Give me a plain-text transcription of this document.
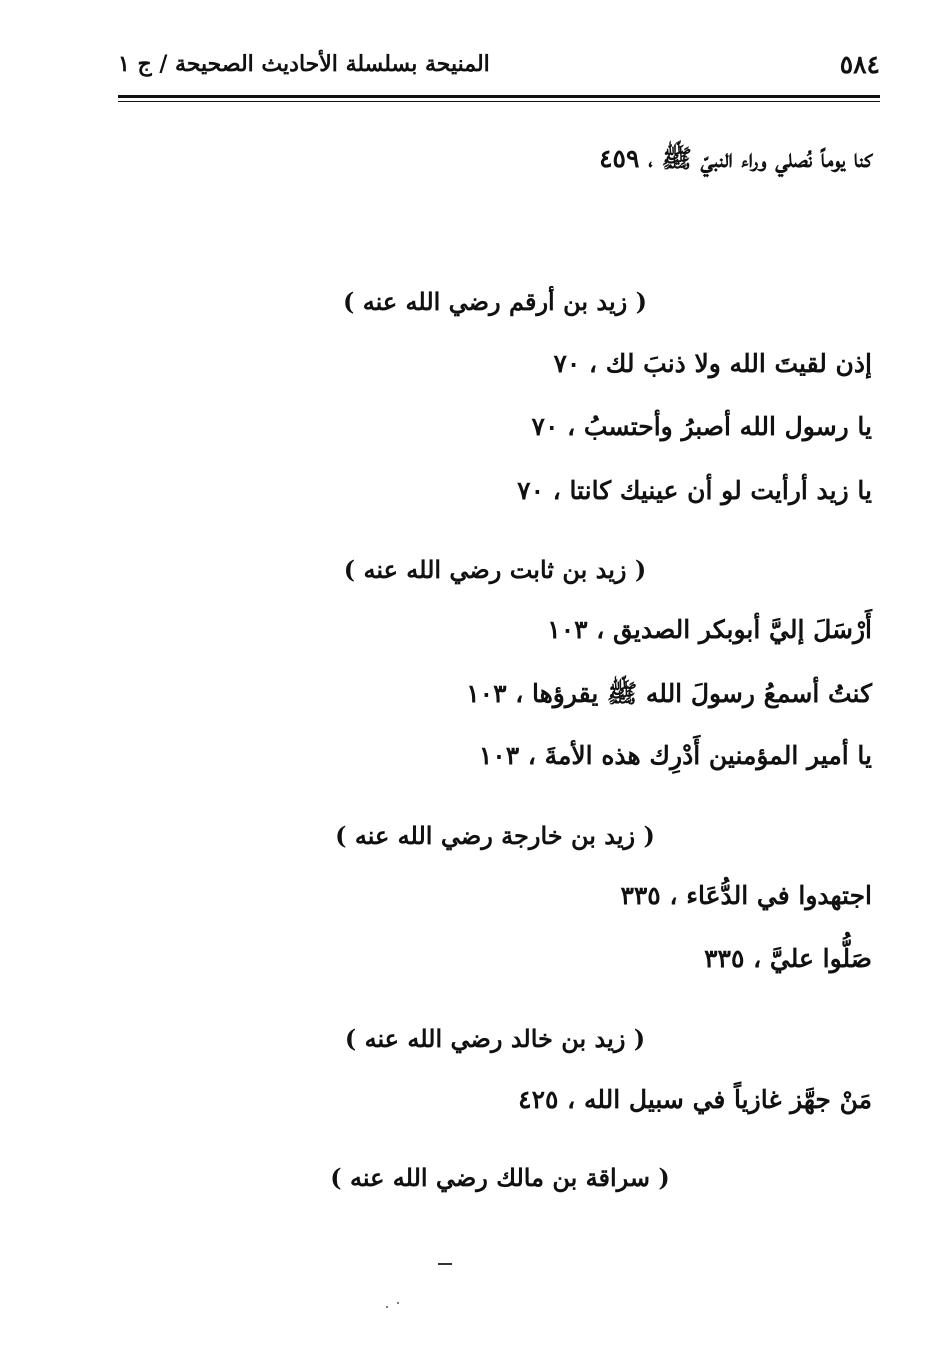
٥٨٤
المنيحة بسلسلة الأحاديث الصحيحة / ج ١
كنا يوماً نُصلي وراء النبيّ ﷺ ، ٤٥٩
( زيد بن أرقم رضي الله عنه )
إذن لقيتَ الله ولا ذنبَ لك ، ٧٠
يا رسول الله أصبرُ وأحتسبُ ، ٧٠
يا زيد أرأيت لو أن عينيك كانتا ، ٧٠
( زيد بن ثابت رضي الله عنه )
أَرْسَلَ إليَّ أبوبكر الصديق ، ١٠٣
كنتُ أسمعُ رسولَ الله ﷺ يقرؤها ، ١٠٣
يا أمير المؤمنين أَدْرِك هذه الأمةَ ، ١٠٣
( زيد بن خارجة رضي الله عنه )
اجتهدوا في الدُّعَاء ، ٣٣٥
صَلُّوا عليَّ ، ٣٣٥
( زيد بن خالد رضي الله عنه )
مَنْ جهَّز غازياً في سبيل الله ، ٤٢٥
( سراقة بن مالك رضي الله عنه )
